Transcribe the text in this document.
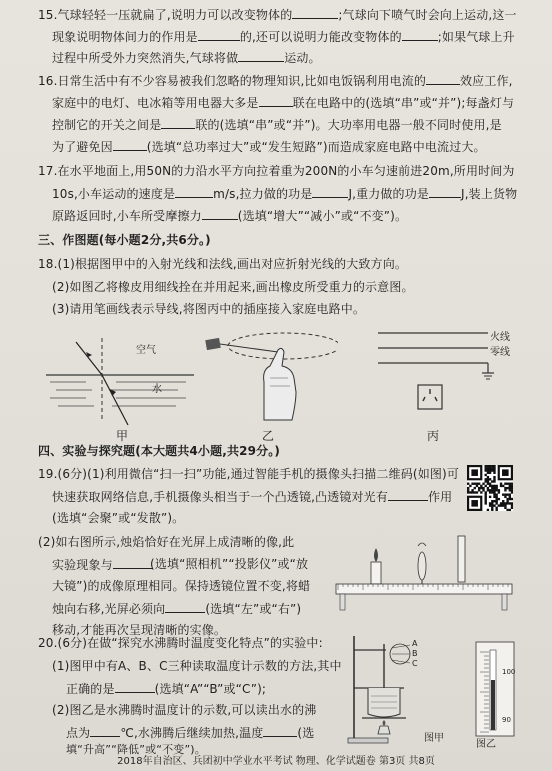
15.气球轻轻一压就扁了,说明力可以改变物体的	;气球向下喷气时会向上运动,这一
现象说明物体间力的作用是	的,还可以说明力能改变物体的	;如果气球上升
过程中所受外力突然消失,气球将做	运动。
16.日常生活中有不少容易被我们忽略的物理知识,比如电饭锅利用电流的	效应工作,
家庭中的电灯、电冰箱等用电器大多是	联在电路中的(选填“串”或“并”);每盏灯与
控制它的开关之间是	联的(选填“串”或“并”)。大功率用电器一般不同时使用,是
为了避免因	(选填“总功率过大”或“发生短路”)而造成家庭电路中电流过大。
17.在水平地面上,用50N的力沿水平方向拉着重为200N的小车匀速前进20m,所用时间为
10s,小车运动的速度是	m/s,拉力做的功是	J,重力做的功是	J,装上货物
原路返回时,小车所受摩擦力	(选填“增大”“减小”或“不变”)。
三、作图题(每小题2分,共6分。)
18.(1)根据图甲中的入射光线和法线,画出对应折射光线的大致方向。
(2)如图乙将橡皮用细线拴在并用起来,画出橡皮所受重力的示意图。
(3)请用笔画线表示导线,将图丙中的插座接入家庭电路中。
空气
水
甲	乙
火线
零线
丙
四、实验与探究题(本大题共4小题,共29分。)
19.(6分)(1)利用微信“扫一扫”功能,通过智能手机的摄像头扫描二维码(如图)可
快速获取网络信息,手机摄像头相当于一个凸透镜,凸透镜对光有	作用
(选填“会聚”或“发散”)。
(2)如右图所示,烛焰恰好在光屏上成清晰的像,此
实验现象与	(选填“照相机”“投影仪”或“放
大镜”)的成像原理相同。保持透镜位置不变,将蜡
烛向右移,光屏必须向	(选填“左”或“右”)
移动,才能再次呈现清晰的实像。
20.(6分)在做“探究水沸腾时温度变化特点”的实验中:
(1)图甲中有A、B、C三种读取温度计示数的方法,其中
正确的是	(选填“A”“B”或“C”);
(2)图乙是水沸腾时温度计的示数,可以读出水的沸
点为	℃,水沸腾后继续加热,温度	(选
填“升高”“降低”或“不变”)。
A
B
C
图甲
100
90
图乙
2018年自治区、兵团初中学业水平考试 物理、化学试题卷 第3页 共8页
